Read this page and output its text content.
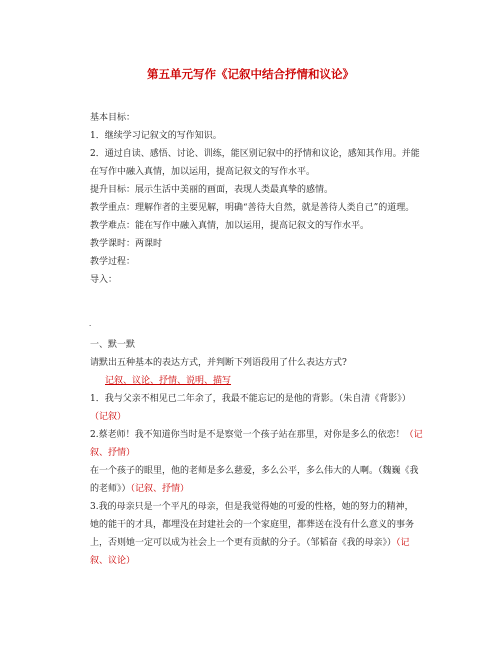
第五单元写作《记叙中结合抒情和议论》
基本目标：
1．继续学习记叙文的写作知识。
2．通过自读、感悟、讨论、训练，能区别记叙中的抒情和议论，感知其作用。并能
在写作中融入真情，加以运用，提高记叙文的写作水平。
提升目标：展示生活中美丽的画面，表现人类最真挚的感情。
教学重点：理解作者的主要见解，明确“善待大自然，就是善待人类自己”的道理。
教学难点：能在写作中融入真情，加以运用，提高记叙文的写作水平。
教学课时：两课时
教学过程：
导入：
·
一、默一默
请默出五种基本的表达方式，并判断下列语段用了什么表达方式?
记叙、议论、抒情、说明、描写
1．我与父亲不相见已二年余了，我最不能忘记的是他的背影。（朱自清《背影》）
（记叙）
2.蔡老师！我不知道你当时是不是察觉一个孩子站在那里，对你是多么的依恋！（记
叙、抒情）
在一个孩子的眼里，他的老师是多么慈爱，多么公平，多么伟大的人啊。（魏巍《我
的老师》）（记叙、抒情）
3.我的母亲只是一个平凡的母亲，但是我觉得她的可爱的性格，她的努力的精神，
她的能干的才具，都埋没在封建社会的一个家庭里，都葬送在没有什么意义的事务
上，否则她一定可以成为社会上一个更有贡献的分子。（邹韬奋《我的母亲》）（记
叙、议论）
